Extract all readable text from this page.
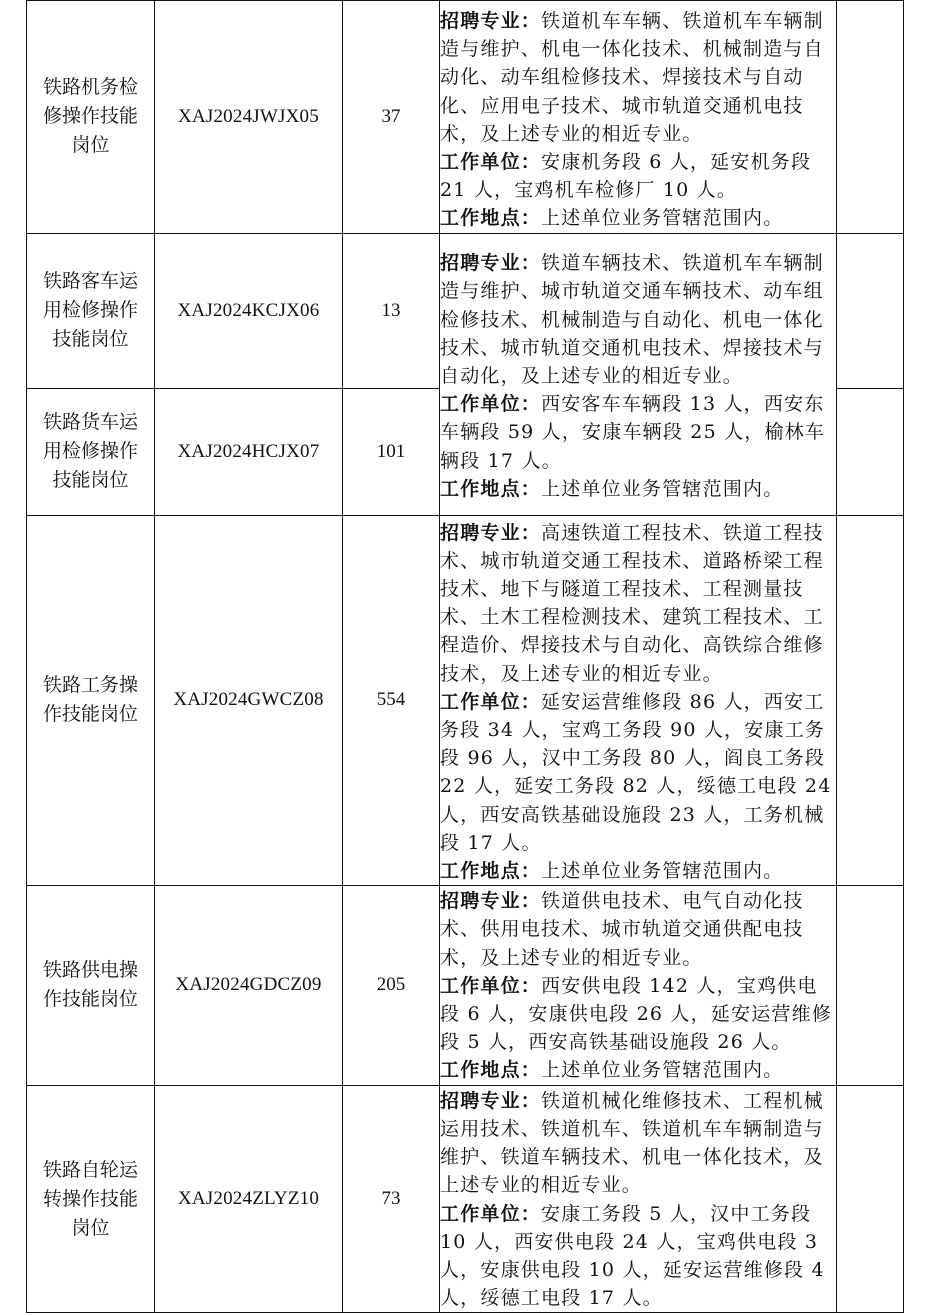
铁路机务检修操作技能岗位	XAJ2024JWJX05	37	招聘专业：铁道机车车辆、铁道机车车辆制造与维护、机电一体化技术、机械制造与自动化、动车组检修技术、焊接技术与自动化、应用电子技术、城市轨道交通机电技术，及上述专业的相近专业。
工作单位：安康机务段 6 人，延安机务段 21 人，宝鸡机车检修厂 10 人。
工作地点：上述单位业务管辖范围内。	
铁路客车运用检修操作技能岗位	XAJ2024KCJX06	13	招聘专业：铁道车辆技术、铁道机车车辆制造与维护、城市轨道交通车辆技术、动车组检修技术、机械制造与自动化、机电一体化技术、城市轨道交通机电技术、焊接技术与自动化，及上述专业的相近专业。
工作单位：西安客车车辆段 13 人，西安东车辆段 59 人，安康车辆段 25 人，榆林车辆段 17 人。
工作地点：上述单位业务管辖范围内。	
铁路货车运用检修操作技能岗位	XAJ2024HCJX07	101		
铁路工务操作技能岗位	XAJ2024GWCZ08	554	招聘专业：高速铁道工程技术、铁道工程技术、城市轨道交通工程技术、道路桥梁工程技术、地下与隧道工程技术、工程测量技术、土木工程检测技术、建筑工程技术、工程造价、焊接技术与自动化、高铁综合维修技术，及上述专业的相近专业。
工作单位：延安运营维修段 86 人，西安工务段 34 人，宝鸡工务段 90 人，安康工务段 96 人，汉中工务段 80 人，阎良工务段 22 人，延安工务段 82 人，绥德工电段 24 人，西安高铁基础设施段 23 人，工务机械段 17 人。
工作地点：上述单位业务管辖范围内。	
铁路供电操作技能岗位	XAJ2024GDCZ09	205	招聘专业：铁道供电技术、电气自动化技术、供用电技术、城市轨道交通供配电技术，及上述专业的相近专业。
工作单位：西安供电段 142 人，宝鸡供电段 6 人，安康供电段 26 人，延安运营维修段 5 人，西安高铁基础设施段 26 人。
工作地点：上述单位业务管辖范围内。	
铁路自轮运转操作技能岗位	XAJ2024ZLYZ10	73	招聘专业：铁道机械化维修技术、工程机械运用技术、铁道机车、铁道机车车辆制造与维护、铁道车辆技术、机电一体化技术，及上述专业的相近专业。
工作单位：安康工务段 5 人，汉中工务段 10 人，西安供电段 24 人，宝鸡供电段 3 人，安康供电段 10 人，延安运营维修段 4 人，绥德工电段 17 人。	
